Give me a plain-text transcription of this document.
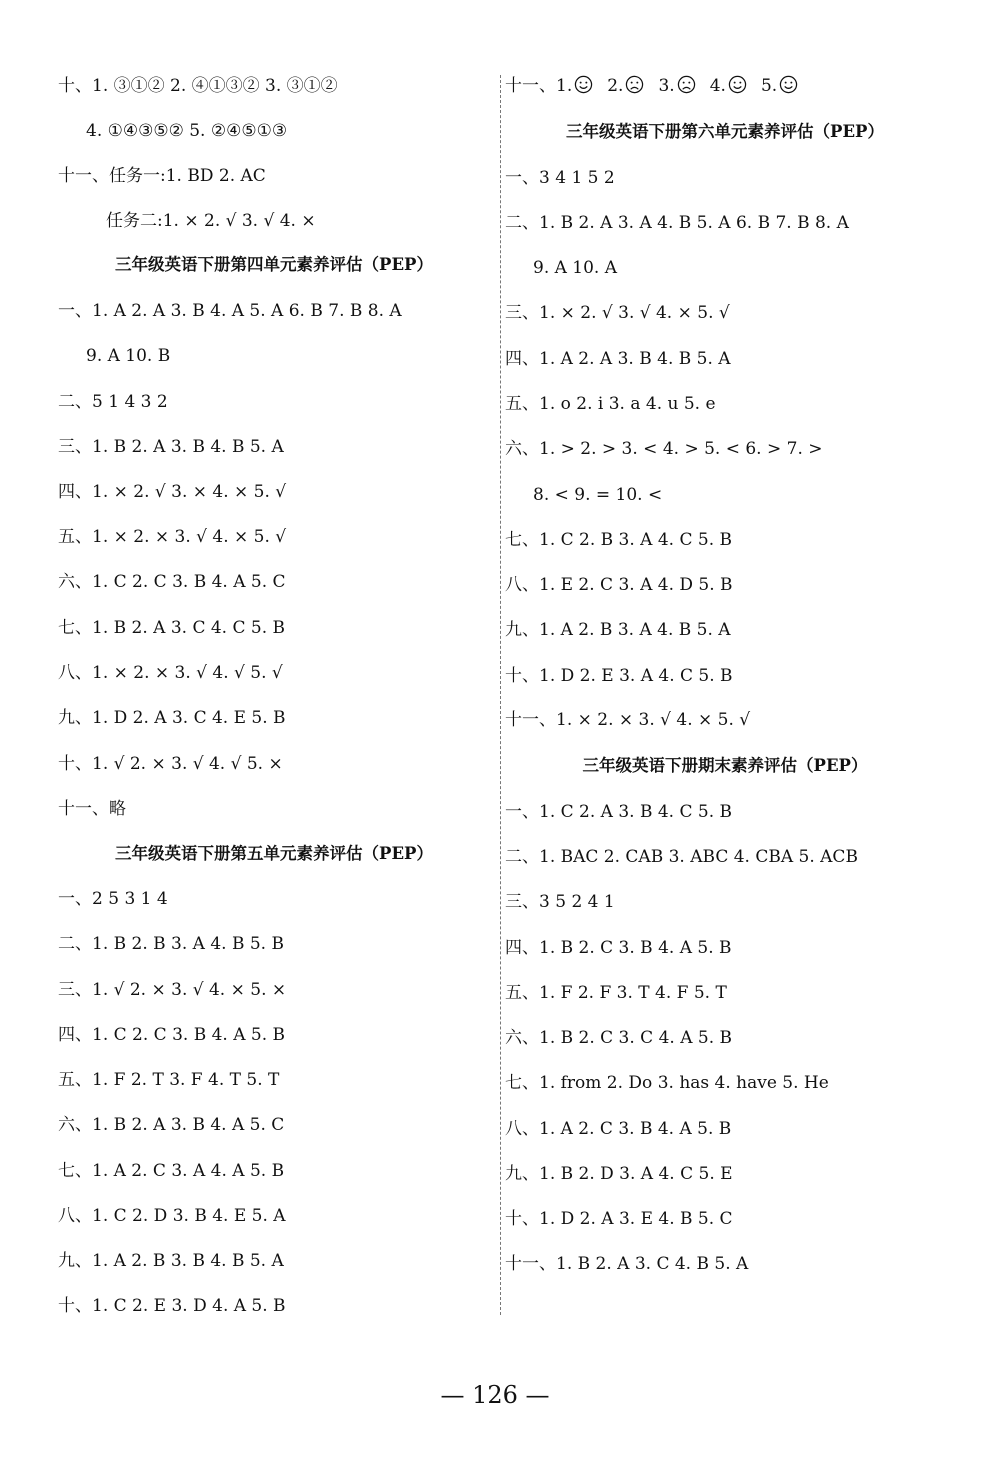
十、1. ③①② 2. ④①③② 3. ③①②
4. ①④③⑤② 5. ②④⑤①③
十一、任务一:1. BD 2. AC
任务二:1. × 2. √ 3. √ 4. ×
三年级英语下册第四单元素养评估（PEP）
一、1. A 2. A 3. B 4. A 5. A 6. B 7. B 8. A
9. A 10. B
二、5 1 4 3 2
三、1. B 2. A 3. B 4. B 5. A
四、1. × 2. √ 3. × 4. × 5. √
五、1. × 2. × 3. √ 4. × 5. √
六、1. C 2. C 3. B 4. A 5. C
七、1. B 2. A 3. C 4. C 5. B
八、1. × 2. × 3. √ 4. √ 5. √
九、1. D 2. A 3. C 4. E 5. B
十、1. √ 2. × 3. √ 4. √ 5. ×
十一、略
三年级英语下册第五单元素养评估（PEP）
一、2 5 3 1 4
二、1. B 2. B 3. A 4. B 5. B
三、1. √ 2. × 3. √ 4. × 5. ×
四、1. C 2. C 3. B 4. A 5. B
五、1. F 2. T 3. F 4. T 5. T
六、1. B 2. A 3. B 4. A 5. C
七、1. A 2. C 3. A 4. A 5. B
八、1. C 2. D 3. B 4. E 5. A
九、1. A 2. B 3. B 4. B 5. A
十、1. C 2. E 3. D 4. A 5. B
十一、1. 2. 3. 4. 5.
三年级英语下册第六单元素养评估（PEP）
一、3 4 1 5 2
二、1. B 2. A 3. A 4. B 5. A 6. B 7. B 8. A
9. A 10. A
三、1. × 2. √ 3. √ 4. × 5. √
四、1. A 2. A 3. B 4. B 5. A
五、1. o 2. i 3. a 4. u 5. e
六、1. > 2. > 3. < 4. > 5. < 6. > 7. >
8. < 9. = 10. <
七、1. C 2. B 3. A 4. C 5. B
八、1. E 2. C 3. A 4. D 5. B
九、1. A 2. B 3. A 4. B 5. A
十、1. D 2. E 3. A 4. C 5. B
十一、1. × 2. × 3. √ 4. × 5. √
三年级英语下册期末素养评估（PEP）
一、1. C 2. A 3. B 4. C 5. B
二、1. BAC 2. CAB 3. ABC 4. CBA 5. ACB
三、3 5 2 4 1
四、1. B 2. C 3. B 4. A 5. B
五、1. F 2. F 3. T 4. F 5. T
六、1. B 2. C 3. C 4. A 5. B
七、1. from 2. Do 3. has 4. have 5. He
八、1. A 2. C 3. B 4. A 5. B
九、1. B 2. D 3. A 4. C 5. E
十、1. D 2. A 3. E 4. B 5. C
十一、1. B 2. A 3. C 4. B 5. A
— 126 —
